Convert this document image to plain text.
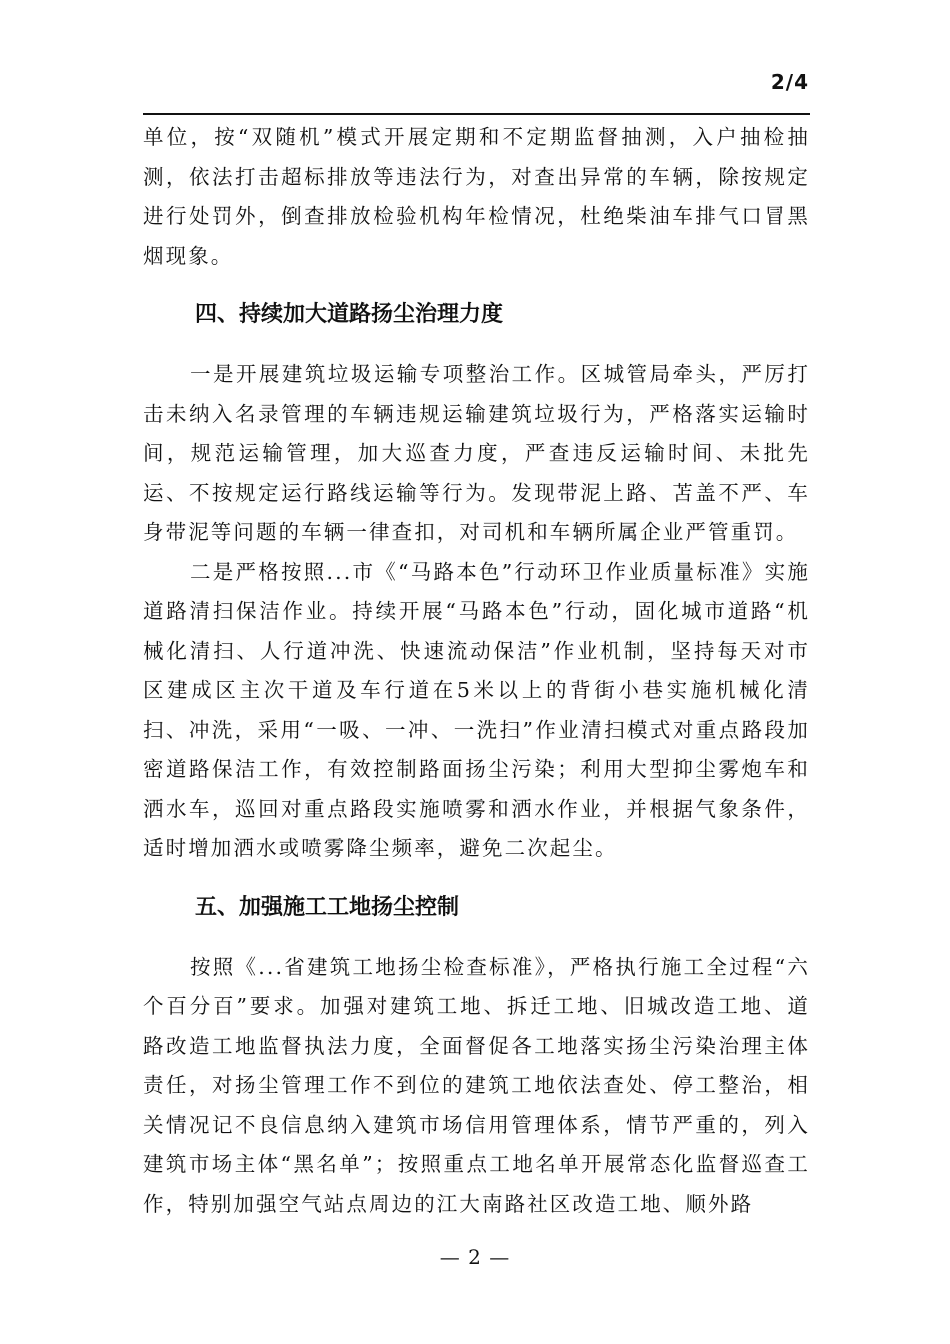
2/4

单位，按“双随机”模式开展定期和不定期监督抽测，入户抽检抽测，依法打击超标排放等违法行为，对查出异常的车辆，除按规定进行处罚外，倒查排放检验机构年检情况，杜绝柴油车排气口冒黑烟现象。

四、持续加大道路扬尘治理力度

一是开展建筑垃圾运输专项整治工作。区城管局牵头，严厉打击未纳入名录管理的车辆违规运输建筑垃圾行为，严格落实运输时间，规范运输管理，加大巡查力度，严查违反运输时间、未批先运、不按规定运行路线运输等行为。发现带泥上路、苫盖不严、车身带泥等问题的车辆一律查扣，对司机和车辆所属企业严管重罚。

二是严格按照...市《“马路本色”行动环卫作业质量标准》实施道路清扫保洁作业。持续开展“马路本色”行动，固化城市道路“机械化清扫、人行道冲洗、快速流动保洁”作业机制，坚持每天对市区建成区主次干道及车行道在5米以上的背街小巷实施机械化清扫、冲洗，采用“一吸、一冲、一洗扫”作业清扫模式对重点路段加密道路保洁工作，有效控制路面扬尘污染；利用大型抑尘雾炮车和洒水车，巡回对重点路段实施喷雾和洒水作业，并根据气象条件，适时增加洒水或喷雾降尘频率，避免二次起尘。

五、加强施工工地扬尘控制

按照《...省建筑工地扬尘检查标准》，严格执行施工全过程“六个百分百”要求。加强对建筑工地、拆迁工地、旧城改造工地、道路改造工地监督执法力度，全面督促各工地落实扬尘污染治理主体责任，对扬尘管理工作不到位的建筑工地依法查处、停工整治，相关情况记不良信息纳入建筑市场信用管理体系，情节严重的，列入建筑市场主体“黑名单”；按照重点工地名单开展常态化监督巡查工作，特别加强空气站点周边的江大南路社区改造工地、顺外路

— 2 —
